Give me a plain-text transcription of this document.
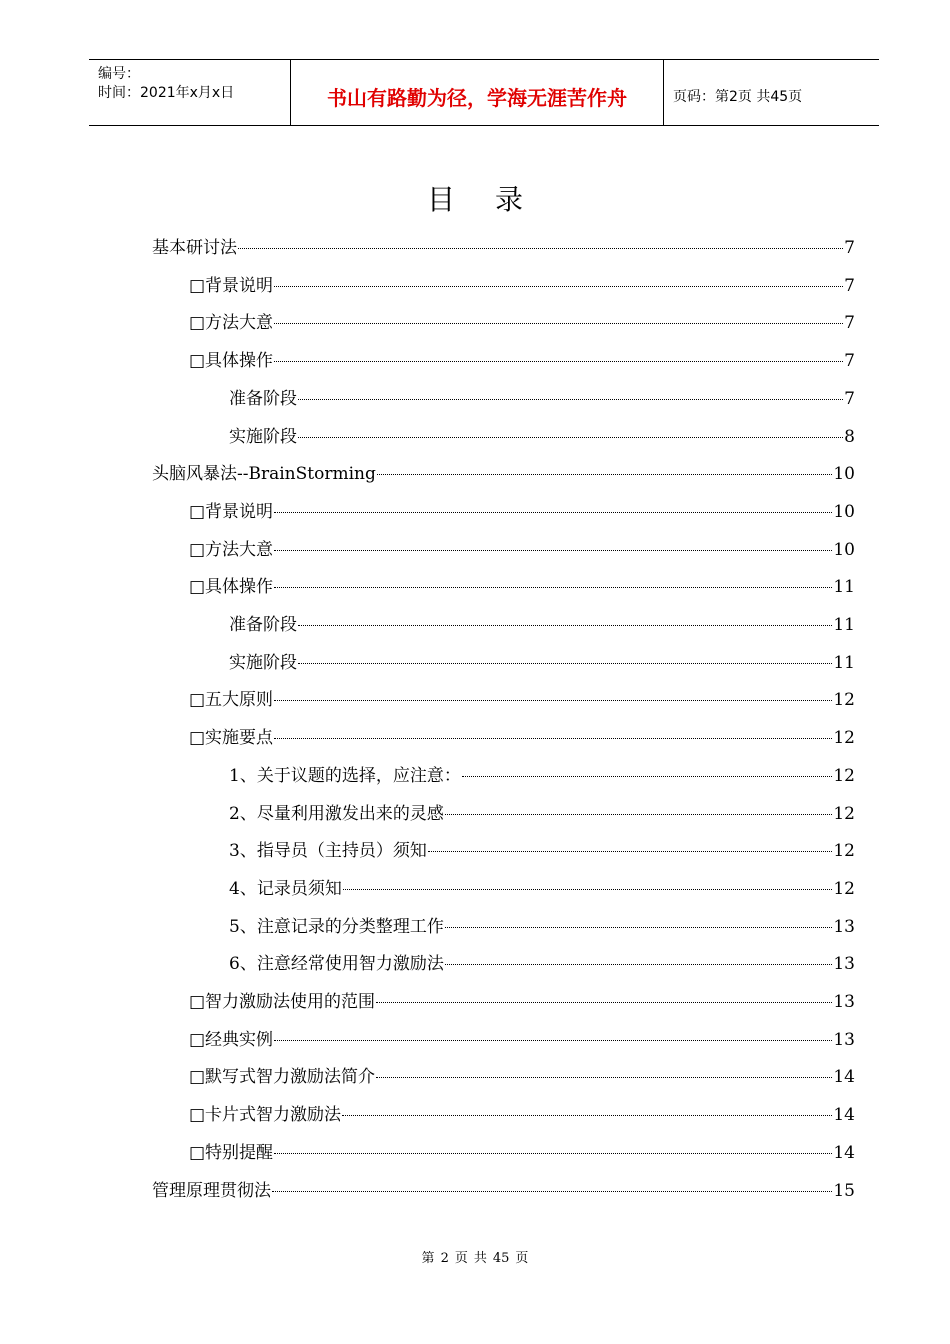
编号：
时间：2021年x月x日	书山有路勤为径，学海无涯苦作舟	页码：第2页 共45页
目录
基本研讨法	7
□背景说明	7
□方法大意	7
□具体操作	7
准备阶段	7
实施阶段	8
头脑风暴法--BrainStorming	10
□背景说明	10
□方法大意	10
□具体操作	11
准备阶段	11
实施阶段	11
□五大原则	12
□实施要点	12
1、关于议题的选择，应注意：	12
2、尽量利用激发出来的灵感	12
3、指导员（主持员）须知	12
4、记录员须知	12
5、注意记录的分类整理工作	13
6、注意经常使用智力激励法	13
□智力激励法使用的范围	13
□经典实例	13
□默写式智力激励法简介	14
□卡片式智力激励法	14
□特别提醒	14
管理原理贯彻法	15
第 2 页 共 45 页
